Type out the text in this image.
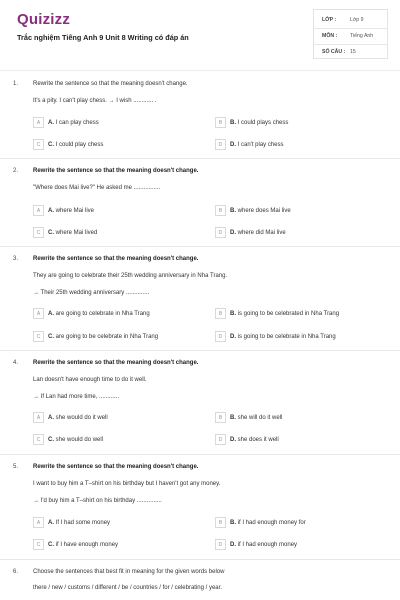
Quizizz
Trắc nghiệm Tiếng Anh 9 Unit 8 Writing có đáp án
LỚP :	Lớp 9
MÔN :	Tiếng Anh
SỐ CÂU : 15
1. Rewrite the sentence so that the meaning doesn't change.
It's a pity. I can't play chess. → I wish ............ .
A	A. I can play chess	B	B. I could plays chess
C	C. I could play chess	D	D. I can't play chess
2. Rewrite the sentence so that the meaning doesn't change.
"Where does Mai live?" He asked me ................
A	A. where Mai live	B	B. where does Mai live
C	C. where Mai lived	D	D. where did Mai live
3. Rewrite the sentence so that the meaning doesn't change.
They are going to celebrate their 25th wedding anniversary in Nha Trang.
→ Their 25th wedding anniversary ..............
A	A. are going to celebrate in Nha Trang	B	B. is going to be celebrated in Nha Trang
C	C. are going to be celebrate in Nha Trang	D	D. is going to be celebrate in Nha Trang
4. Rewrite the sentence so that the meaning doesn't change.
Lan doesn't have enough time to do it well.
→ If Lan had more time, ............
A	A. she would do it well	B	B. she will do it well
C	C. she would do well	D	D. she does it well
5. Rewrite the sentence so that the meaning doesn't change.
I want to buy him a T–shirt on his birthday but I haven't got any money.
→ I'd buy him a T–shirt on his birthday ...............
A	A. If I had some money	B	B. if I had enough money for
C	C. if I have enough money	D	D. if I had enough money
6. Choose the sentences that best fit in meaning for the given words below
there / new / customs / different / be / countries / for / celebrating / year.
